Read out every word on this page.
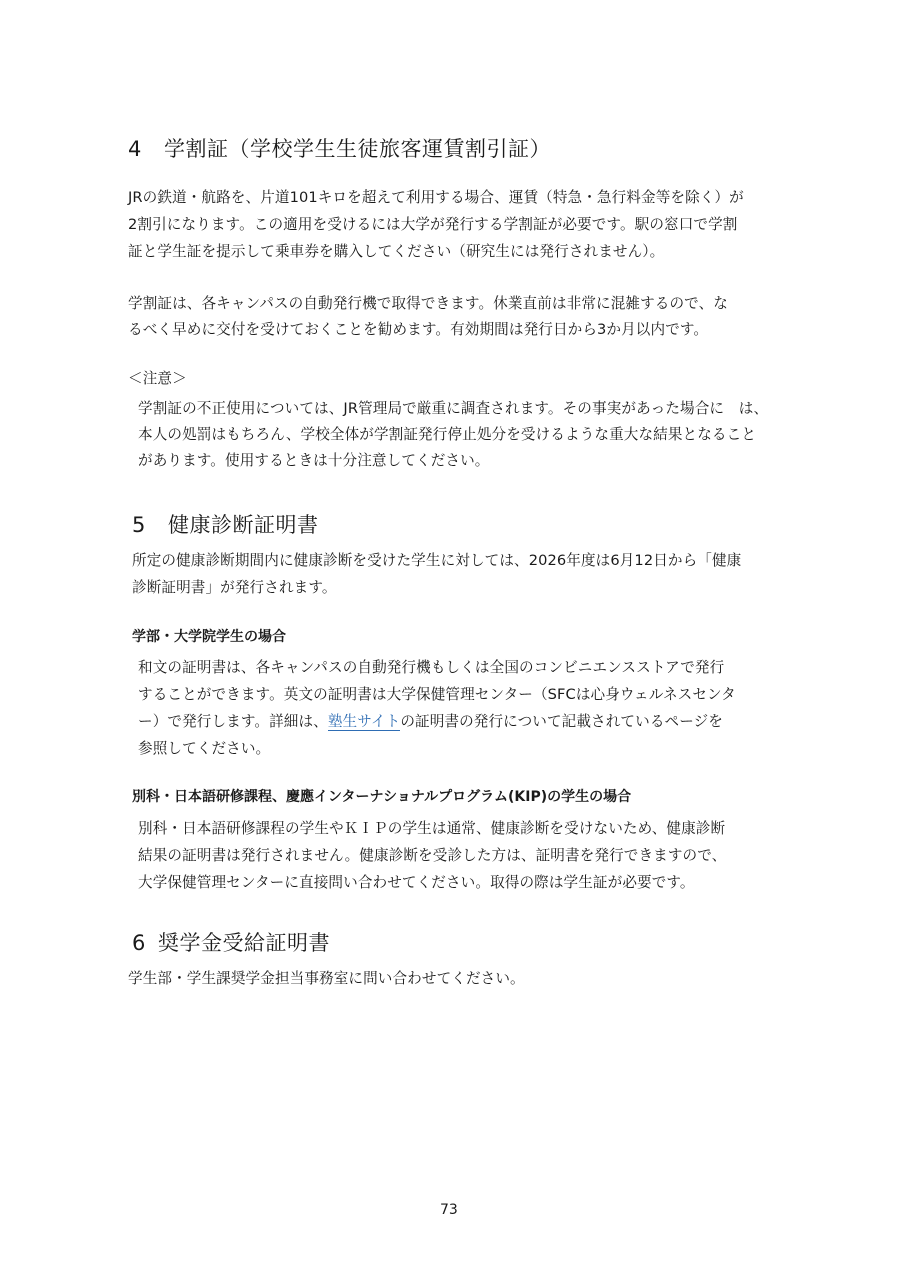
4 学割証（学校学生生徒旅客運賃割引証）
JRの鉄道・航路を、片道101キロを超えて利用する場合、運賃（特急・急行料金等を除く）が
2割引になります。この適用を受けるには大学が発行する学割証が必要です。駅の窓口で学割
証と学生証を提示して乗車券を購入してください（研究生には発行されません）。
学割証は、各キャンパスの自動発行機で取得できます。休業直前は非常に混雑するので、な
るべく早めに交付を受けておくことを勧めます。有効期間は発行日から3か月以内です。
＜注意＞
学割証の不正使用については、JR管理局で厳重に調査されます。その事実があった場合に　は、
本人の処罰はもちろん、学校全体が学割証発行停止処分を受けるような重大な結果となること
があります。使用するときは十分注意してください。
5 健康診断証明書
所定の健康診断期間内に健康診断を受けた学生に対しては、2026年度は6月12日から「健康
診断証明書」が発行されます。
学部・大学院学生の場合
和文の証明書は、各キャンパスの自動発行機もしくは全国のコンビニエンスストアで発行
することができます。英文の証明書は大学保健管理センター（SFCは心身ウェルネスセンタ
ー）で発行します。詳細は、塾生サイトの証明書の発行について記載されているページを
参照してください。
別科・日本語研修課程、慶應インターナショナルプログラム(KIP)の学生の場合
別科・日本語研修課程の学生やＫＩＰの学生は通常、健康診断を受けないため、健康診断
結果の証明書は発行されません。健康診断を受診した方は、証明書を発行できますので、
大学保健管理センターに直接問い合わせてください。取得の際は学生証が必要です。
6 奨学金受給証明書
学生部・学生課奨学金担当事務室に問い合わせてください。
73
